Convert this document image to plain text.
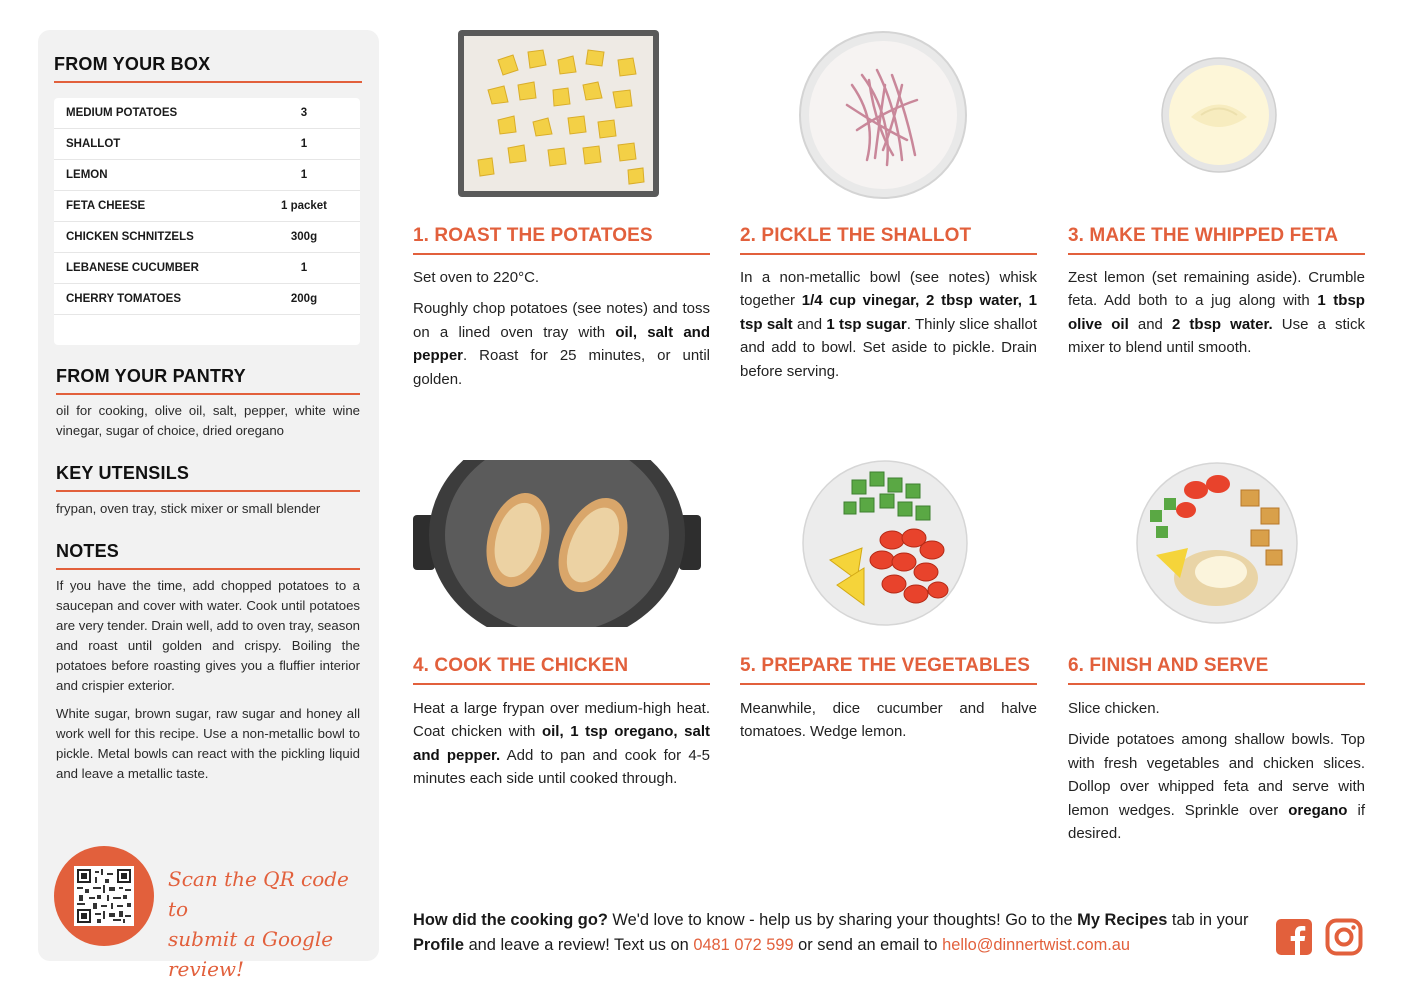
FROM YOUR BOX
MEDIUM POTATOES	3
SHALLOT	1
LEMON	1
FETA CHEESE	1 packet
CHICKEN SCHNITZELS	300g
LEBANESE CUCUMBER	1
CHERRY TOMATOES	200g
FROM YOUR PANTRY
oil for cooking, olive oil, salt, pepper, white wine vinegar, sugar of choice, dried oregano
KEY UTENSILS
frypan, oven tray, stick mixer or small blender
NOTES

If you have the time, add chopped potatoes to a saucepan and cover with water. Cook until potatoes are very tender. Drain well, add to oven tray, season and roast until golden and crispy. Boiling the potatoes before roasting gives you a fluffier interior and crispier exterior.

White sugar, brown sugar, raw sugar and honey all work well for this recipe. Use a non-metallic bowl to pickle. Metal bowls can react with the pickling liquid and leave a metallic taste.

Scan the QR code to
submit a Google review!
1. ROAST THE POTATOES

Set oven to 220°C.

Roughly chop potatoes (see notes) and toss on a lined oven tray with oil, salt and pepper. Roast for 25 minutes, or until golden.

2. PICKLE THE SHALLOT

In a non-metallic bowl (see notes) whisk together 1/4 cup vinegar, 2 tbsp water, 1 tsp salt and 1 tsp sugar. Thinly slice shallot and add to bowl. Set aside to pickle. Drain before serving.

3. MAKE THE WHIPPED FETA

Zest lemon (set remaining aside). Crumble feta. Add both to a jug along with 1 tbsp olive oil and 2 tbsp water. Use a stick mixer to blend until smooth.

4. COOK THE CHICKEN

Heat a large frypan over medium-high heat. Coat chicken with oil, 1 tsp oregano, salt and pepper. Add to pan and cook for 4-5 minutes each side until cooked through.

5. PREPARE THE VEGETABLES

Meanwhile, dice cucumber and halve tomatoes. Wedge lemon.

6. FINISH AND SERVE

Slice chicken.

Divide potatoes among shallow bowls. Top with fresh vegetables and chicken slices. Dollop over whipped feta and serve with lemon wedges. Sprinkle over oregano if desired.

How did the cooking go? We'd love to know - help us by sharing your thoughts! Go to the My Recipes tab in your Profile and leave a review! Text us on 0481 072 599 or send an email to hello@dinnertwist.com.au
